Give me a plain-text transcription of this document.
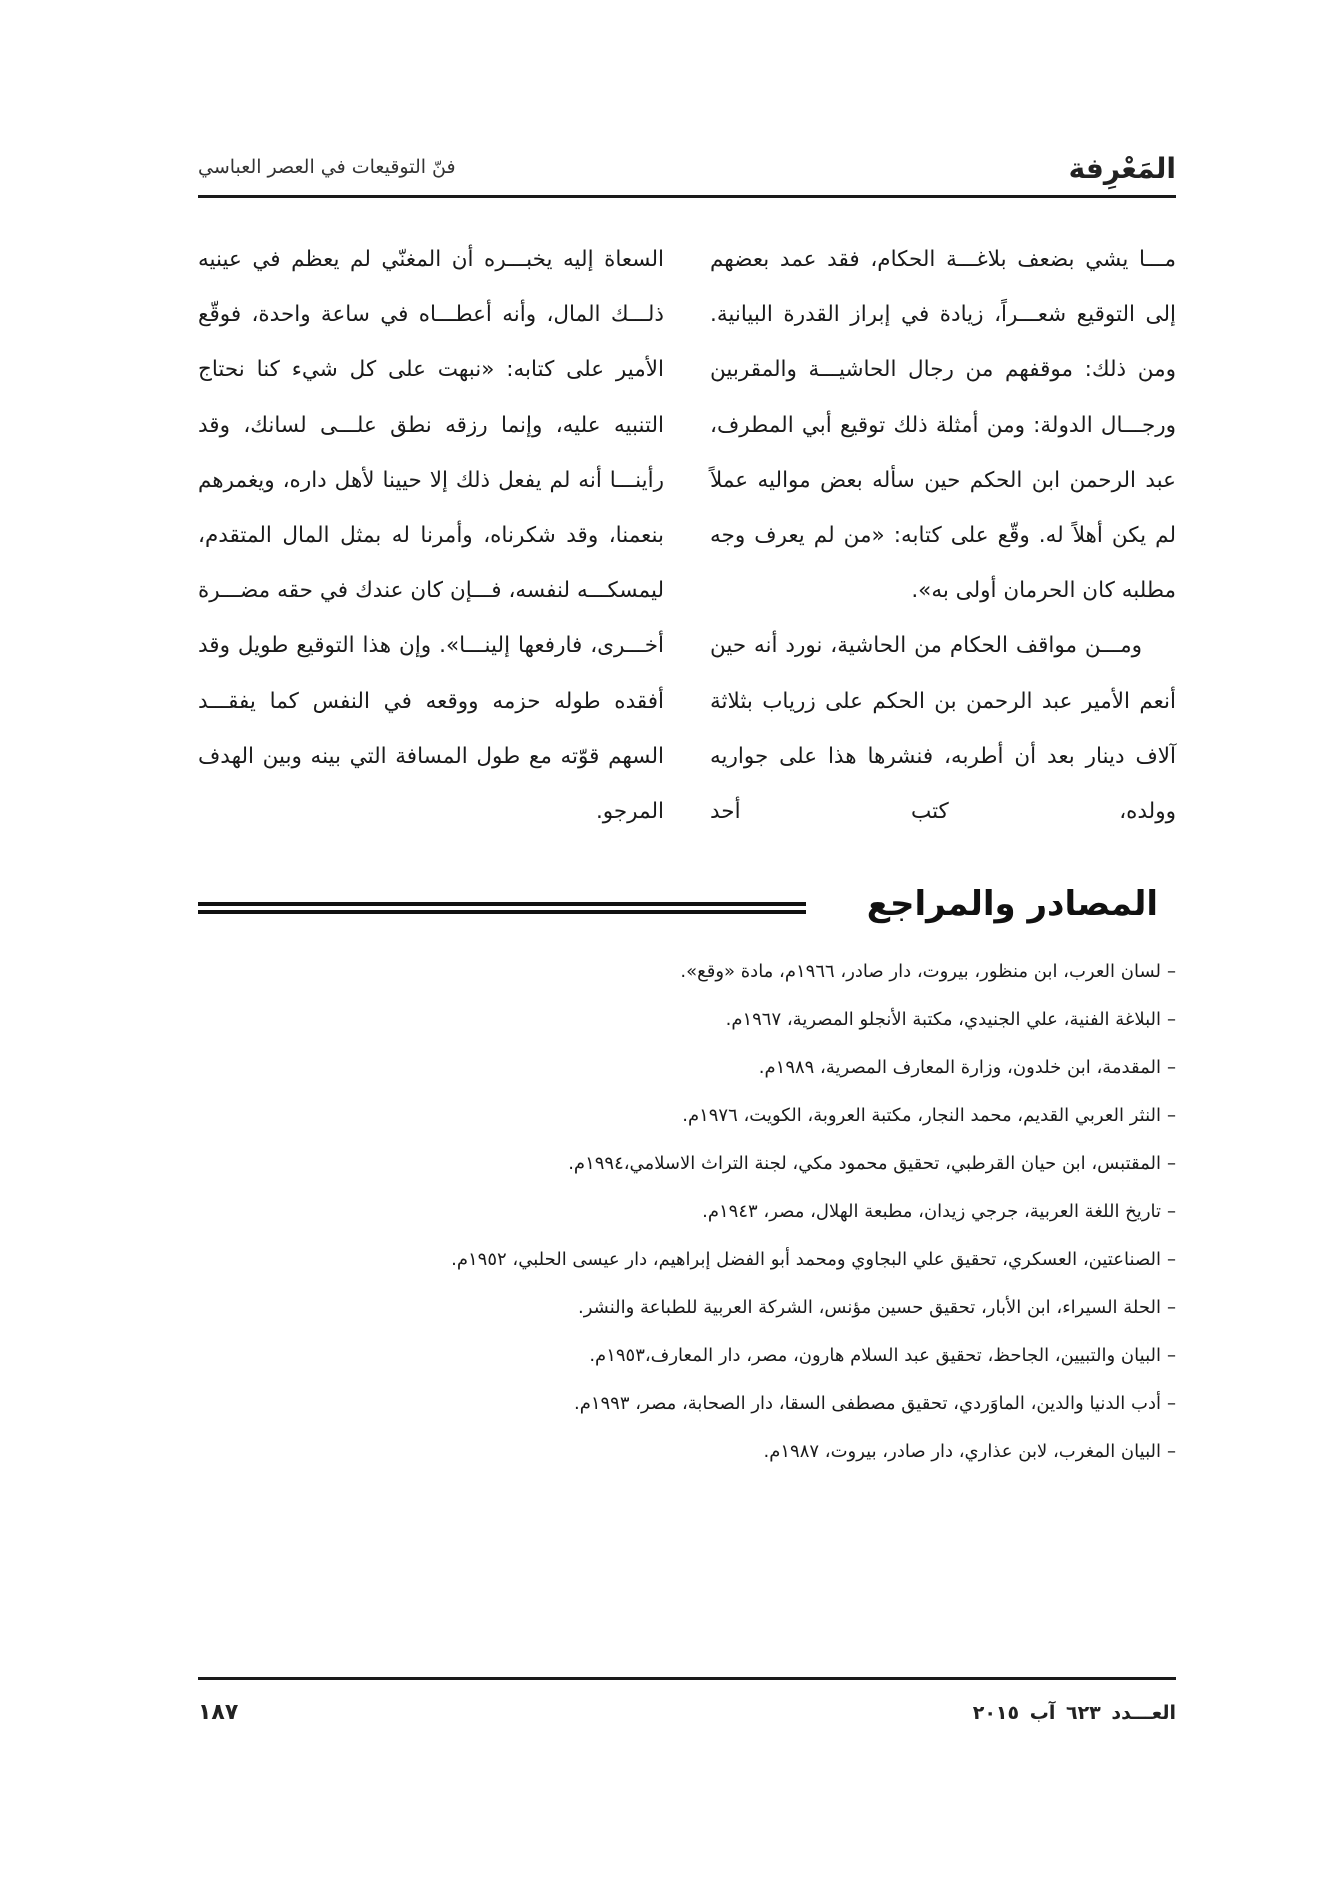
المَعْرِفة
فنّ التوقيعات في العصر العباسي

مـــا يشي بضعف بلاغـــة الحكام، فقد عمد بعضهم إلى التوقيع شعـــراً، زيادة في إبراز القدرة البيانية. ومن ذلك: موقفهم من رجال الحاشيـــة والمقربين ورجـــال الدولة: ومن أمثلة ذلك توقيع أبي المطرف، عبد الرحمن ابن الحكم حين سأله بعض مواليه عملاً لم يكن أهلاً له. وقّع على كتابه: «من لم يعرف وجه مطلبه كان الحرمان أولى به».

ومـــن مواقف الحكام من الحاشية، نورد أنه حين أنعم الأمير عبد الرحمن بن الحكم على زرياب بثلاثة آلاف دينار بعد أن أطربه، فنشرها هذا على جواريه وولده، كتب أحد

السعاة إليه يخبـــره أن المغنّي لم يعظم في عينيه ذلـــك المال، وأنه أعطـــاه في ساعة واحدة، فوقّع الأمير على كتابه: «نبهت على كل شيء كنا نحتاج التنبيه عليه، وإنما رزقه نطق علـــى لسانك، وقد رأينـــا أنه لم يفعل ذلك إلا حيينا لأهل داره، ويغمرهم بنعمنا، وقد شكرناه، وأمرنا له بمثل المال المتقدم، ليمسكـــه لنفسه، فـــإن كان عندك في حقه مضـــرة أخـــرى، فارفعها إلينـــا». وإن هذا التوقيع طويل وقد أفقده طوله حزمه ووقعه في النفس كما يفقـــد السهم قوّته مع طول المسافة التي بينه وبين الهدف المرجو.

المصادر والمراجع
–لسان العرب، ابن منظور، بيروت، دار صادر، ١٩٦٦م، مادة «وقع».
–البلاغة الفنية، علي الجنيدي، مكتبة الأنجلو المصرية، ١٩٦٧م.
–المقدمة، ابن خلدون، وزارة المعارف المصرية، ١٩٨٩م.
–النثر العربي القديم، محمد النجار، مكتبة العروبة، الكويت، ١٩٧٦م.
–المقتبس، ابن حيان القرطبي، تحقيق محمود مكي، لجنة التراث الاسلامي،١٩٩٤م.
–تاريخ اللغة العربية، جرجي زيدان، مطبعة الهلال، مصر، ١٩٤٣م.
–الصناعتين، العسكري، تحقيق علي البجاوي ومحمد أبو الفضل إبراهيم، دار عيسى الحلبي، ١٩٥٢م.
–الحلة السيراء، ابن الأبار، تحقيق حسين مؤنس، الشركة العربية للطباعة والنشر.
–البيان والتبيين، الجاحظ، تحقيق عبد السلام هارون، مصر، دار المعارف،١٩٥٣م.
–أدب الدنيا والدين، الماوَردي، تحقيق مصطفى السقا، دار الصحابة، مصر، ١٩٩٣م.
–البيان المغرب، لابن عذاري، دار صادر، بيروت، ١٩٨٧م.
العـــدد ٦٢٣ آب ٢٠١٥
١٨٧
